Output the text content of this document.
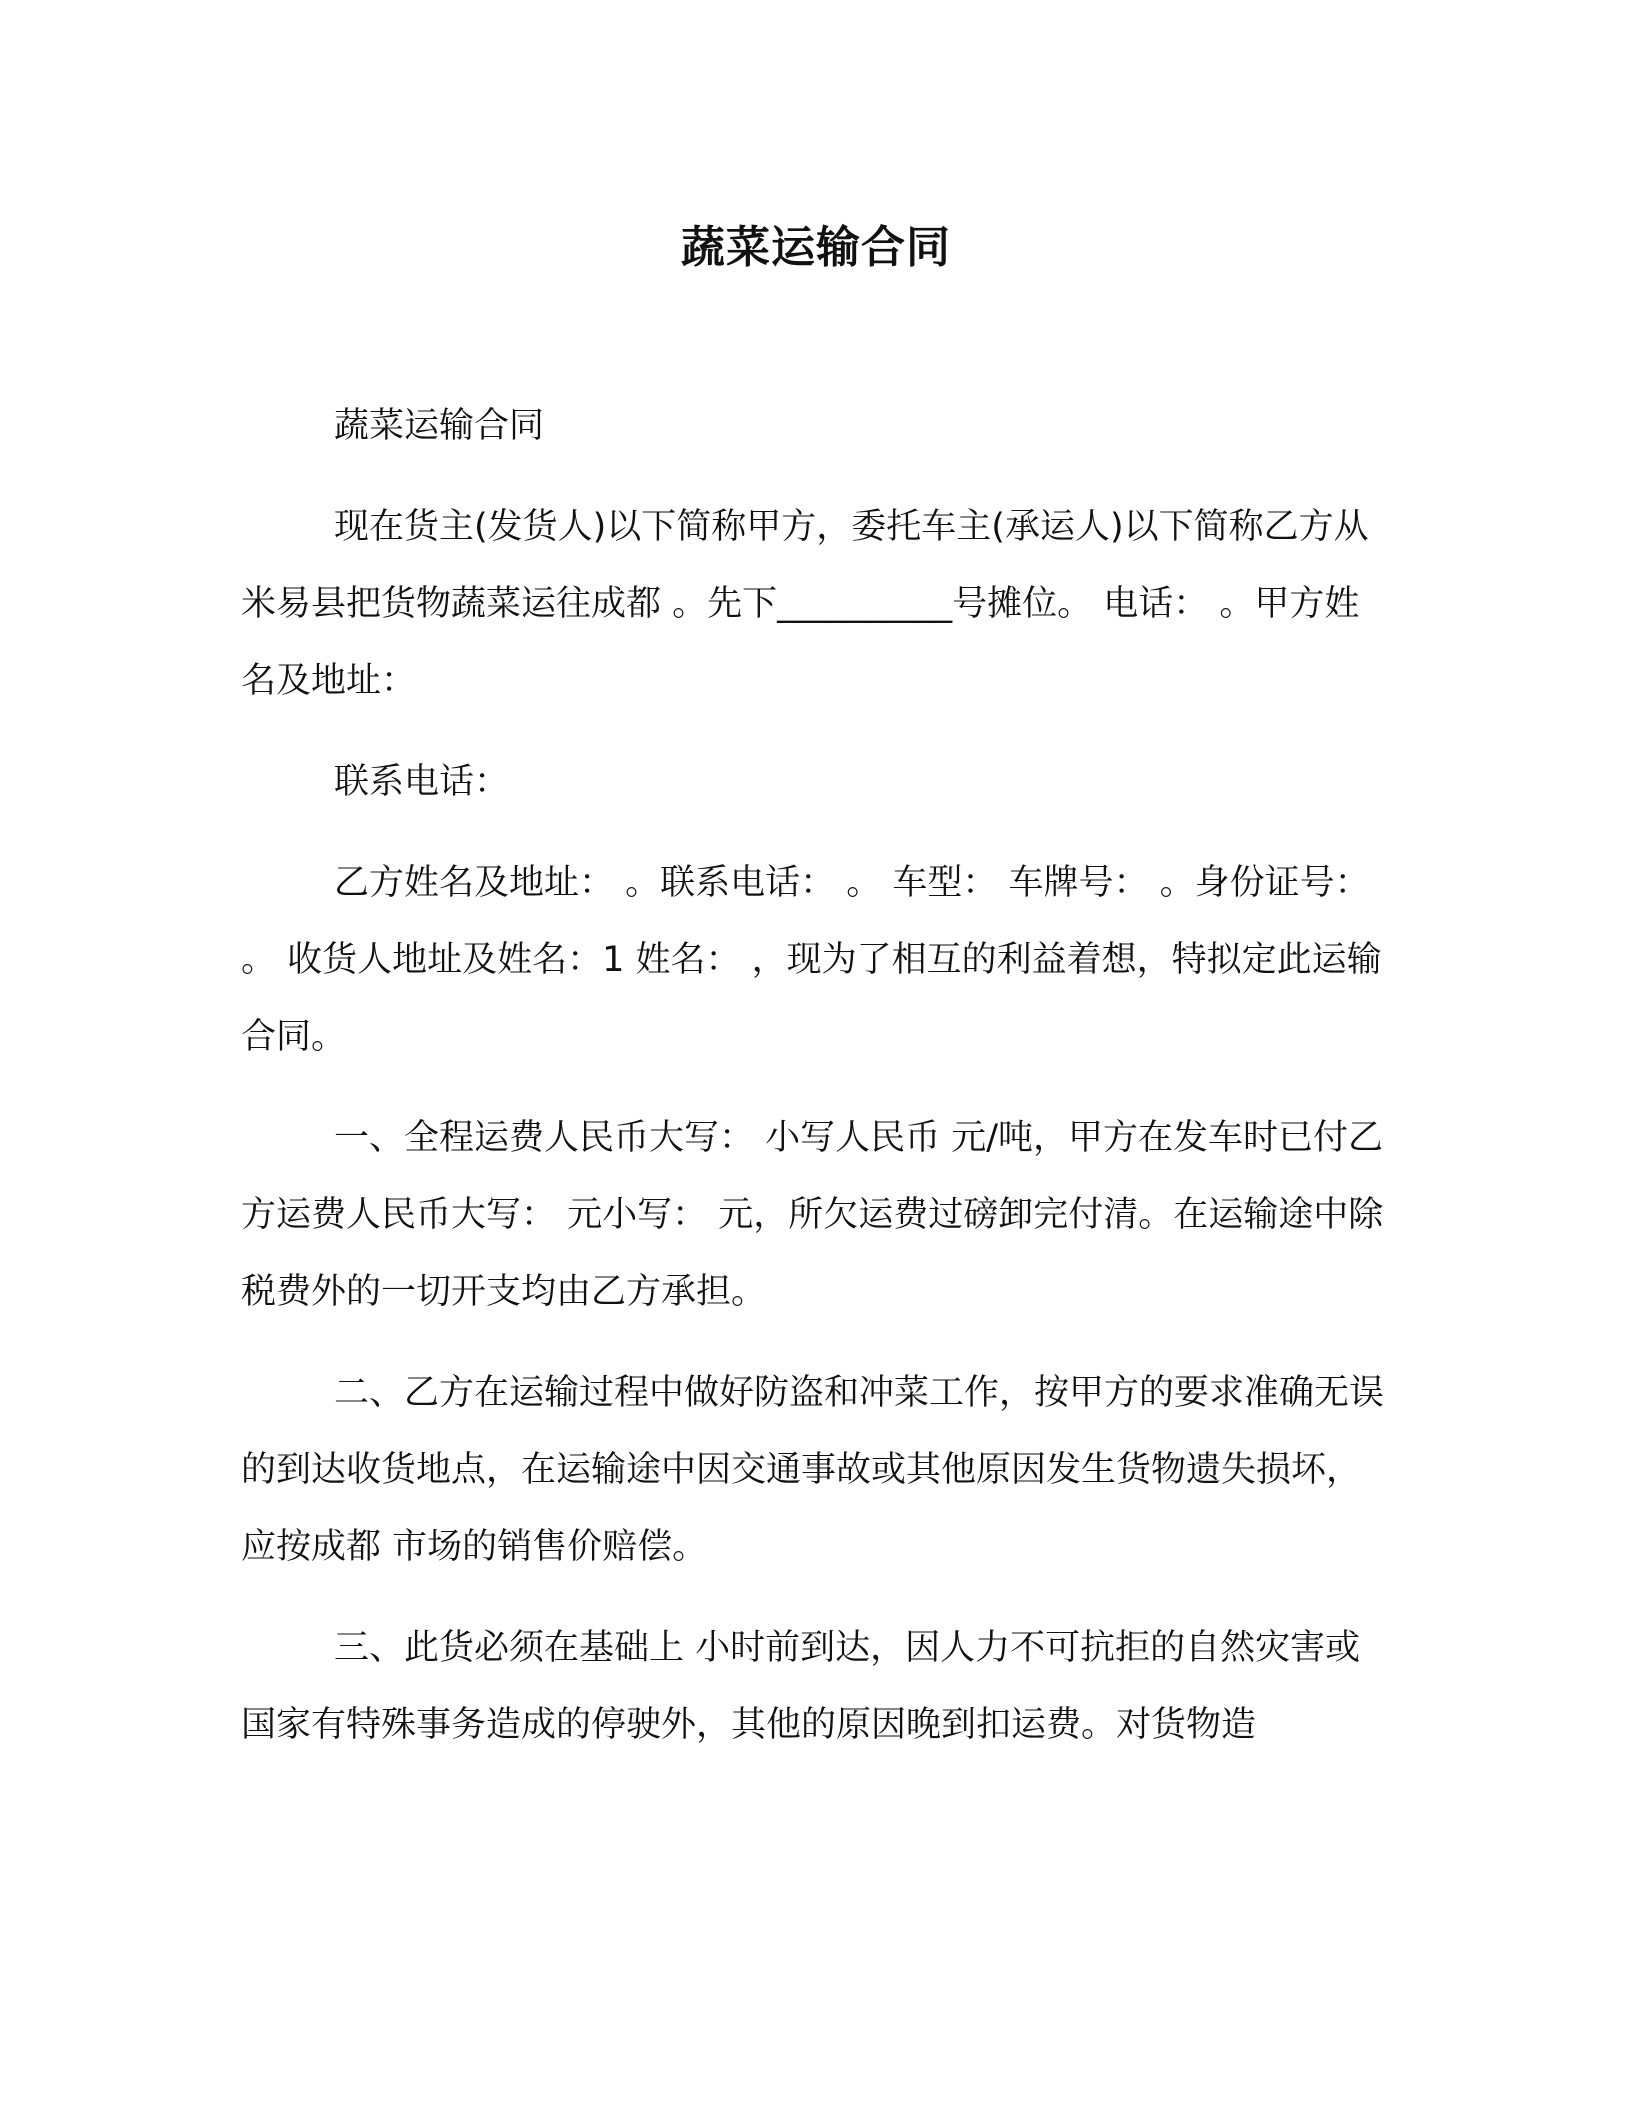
蔬菜运输合同

蔬菜运输合同

现在货主(发货人)以下简称甲方，委托车主(承运人)以下简称乙方从米易县把货物蔬菜运往成都 。先下__________号摊位。 电话： 。甲方姓名及地址：

联系电话：

乙方姓名及地址： 。联系电话： 。 车型： 车牌号： 。身份证号： 。 收货人地址及姓名：1 姓名： ，现为了相互的利益着想，特拟定此运输合同。

一、全程运费人民币大写： 小写人民币 元/吨，甲方在发车时已付乙方运费人民币大写： 元小写： 元，所欠运费过磅卸完付清。在运输途中除税费外的一切开支均由乙方承担。

二、乙方在运输过程中做好防盗和冲菜工作，按甲方的要求准确无误的到达收货地点，在运输途中因交通事故或其他原因发生货物遗失损坏，应按成都 市场的销售价赔偿。

三、此货必须在基础上 小时前到达，因人力不可抗拒的自然灾害或国家有特殊事务造成的停驶外，其他的原因晚到扣运费。对货物造
